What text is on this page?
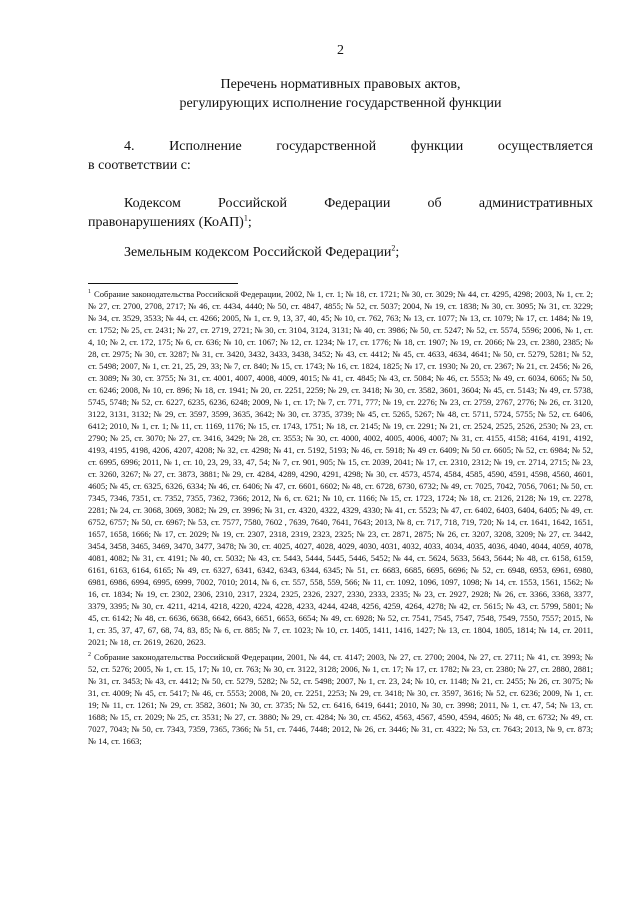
2
Перечень нормативных правовых актов,
регулирующих исполнение государственной функции
4. Исполнение государственной функции осуществляется
в соответствии с:
Кодексом Российской Федерации об административных
правонарушениях (КоАП)$^1$;
Земельным кодексом Российской Федерации$^2$;
$^1$ Собрание законодательства Российской Федерации, 2002, № 1, ст. 1; № 18, ст. 1721; № 30, ст. 3029; № 44, ст. 4295, 4298; 2003, № 1, ст. 2; № 27, ст. 2700, 2708, 2717; № 46, ст. 4434, 4440; № 50, ст. 4847, 4855; № 52, ст. 5037; 2004, № 19, ст. 1838; № 30, ст. 3095; № 31, ст. 3229; № 34, ст. 3529, 3533; № 44, ст. 4266; 2005, № 1, ст. 9, 13, 37, 40, 45; № 10, ст. 762, 763; № 13, ст. 1077; № 13, ст. 1079; № 17, ст. 1484; № 19, ст. 1752; № 25, ст. 2431; № 27, ст. 2719, 2721; № 30, ст. 3104, 3124, 3131; № 40, ст. 3986; № 50, ст. 5247; № 52, ст. 5574, 5596; 2006, № 1, ст. 4, 10; № 2, ст. 172, 175; № 6, ст. 636; № 10, ст. 1067; № 12, ст. 1234; № 17, ст. 1776; № 18, ст. 1907; № 19, ст. 2066; № 23, ст. 2380, 2385; № 28, ст. 2975; № 30, ст. 3287; № 31, ст. 3420, 3432, 3433, 3438, 3452; № 43, ст. 4412; № 45, ст. 4633, 4634, 4641; № 50, ст. 5279, 5281; № 52, ст. 5498; 2007, № 1, ст. 21, 25, 29, 33; № 7, ст. 840; № 15, ст. 1743; № 16, ст. 1824, 1825; № 17, ст. 1930; № 20, ст. 2367; № 21, ст. 2456; № 26, ст. 3089; № 30, ст. 3755; № 31, ст. 4001, 4007, 4008, 4009, 4015; № 41, ст. 4845; № 43, ст. 5084; № 46, ст. 5553; № 49, ст. 6034, 6065; № 50, ст. 6246; 2008, № 10, ст. 896; № 18, ст. 1941; № 20, ст. 2251, 2259; № 29, ст. 3418; № 30, ст. 3582, 3601, 3604; № 45, ст. 5143; № 49, ст. 5738, 5745, 5748; № 52, ст. 6227, 6235, 6236, 6248; 2009, № 1, ст. 17; № 7, ст. 771, 777; № 19, ст. 2276; № 23, ст. 2759, 2767, 2776; № 26, ст. 3120, 3122, 3131, 3132; № 29, ст. 3597, 3599, 3635, 3642; № 30, ст. 3735, 3739; № 45, ст. 5265, 5267; № 48, ст. 5711, 5724, 5755; № 52, ст. 6406, 6412; 2010, № 1, ст. 1; № 11, ст. 1169, 1176; № 15, ст. 1743, 1751; № 18, ст. 2145; № 19, ст. 2291; № 21, ст. 2524, 2525, 2526, 2530; № 23, ст. 2790; № 25, ст. 3070; № 27, ст. 3416, 3429; № 28, ст. 3553; № 30, ст. 4000, 4002, 4005, 4006, 4007; № 31, ст. 4155, 4158; 4164, 4191, 4192, 4193, 4195, 4198, 4206, 4207, 4208; № 32, ст. 4298; № 41, ст. 5192, 5193; № 46, ст. 5918; № 49 ст. 6409; № 50 ст. 6605; № 52, ст. 6984; № 52, ст. 6995, 6996; 2011, № 1, ст. 10, 23, 29, 33, 47, 54; № 7, ст. 901, 905; № 15, ст. 2039, 2041; № 17, ст. 2310, 2312; № 19, ст. 2714, 2715; № 23, ст. 3260, 3267; № 27, ст. 3873, 3881; № 29, ст. 4284, 4289, 4290, 4291, 4298; № 30, ст. 4573, 4574, 4584, 4585, 4590, 4591, 4598, 4560, 4601, 4605; № 45, ст. 6325, 6326, 6334; № 46, ст. 6406; № 47, ст. 6601, 6602; № 48, ст. 6728, 6730, 6732; № 49, ст. 7025, 7042, 7056, 7061; № 50, ст. 7345, 7346, 7351, ст. 7352, 7355, 7362, 7366; 2012, № 6, ст. 621; № 10, ст. 1166; № 15, ст. 1723, 1724; № 18, ст. 2126, 2128; № 19, ст. 2278, 2281; № 24, ст. 3068, 3069, 3082; № 29, ст. 3996; № 31, ст. 4320, 4322, 4329, 4330; № 41, ст. 5523; № 47, ст. 6402, 6403, 6404, 6405; № 49, ст. 6752, 6757; № 50, ст. 6967; № 53, ст. 7577, 7580, 7602 , 7639, 7640, 7641, 7643; 2013, № 8, ст. 717, 718, 719, 720; № 14, ст. 1641, 1642, 1651, 1657, 1658, 1666; № 17, ст. 2029; № 19, ст. 2307, 2318, 2319, 2323, 2325; № 23, ст. 2871, 2875; № 26, ст. 3207, 3208, 3209; № 27, ст. 3442, 3454, 3458, 3465, 3469, 3470, 3477, 3478; № 30, ст. 4025, 4027, 4028, 4029, 4030, 4031, 4032, 4033, 4034, 4035, 4036, 4040, 4044, 4059, 4078, 4081, 4082; № 31, ст. 4191; № 40, ст. 5032; № 43, ст. 5443, 5444, 5445, 5446, 5452; № 44, ст. 5624, 5633, 5643, 5644; № 48, ст. 6158, 6159, 6161, 6163, 6164, 6165; № 49, ст. 6327, 6341, 6342, 6343, 6344, 6345; № 51, ст. 6683, 6685, 6695, 6696; № 52, ст. 6948, 6953, 6961, 6980, 6981, 6986, 6994, 6995, 6999, 7002, 7010; 2014, № 6, ст. 557, 558, 559, 566; № 11, ст. 1092, 1096, 1097, 1098; № 14, ст. 1553, 1561, 1562; № 16, ст. 1834; № 19, ст. 2302, 2306, 2310, 2317, 2324, 2325, 2326, 2327, 2330, 2333, 2335; № 23, ст. 2927, 2928; № 26, ст. 3366, 3368, 3377, 3379, 3395; № 30, ст. 4211, 4214, 4218, 4220, 4224, 4228, 4233, 4244, 4248, 4256, 4259, 4264, 4278; № 42, ст. 5615; № 43, ст. 5799, 5801; № 45, ст. 6142; № 48, ст. 6636, 6638, 6642, 6643, 6651, 6653, 6654; № 49, ст. 6928; № 52, ст. 7541, 7545, 7547, 7548, 7549, 7550, 7557; 2015, № 1, ст. 35, 37, 47, 67, 68, 74, 83, 85; № 6, ст. 885; № 7, ст. 1023; № 10, ст. 1405, 1411, 1416, 1427; № 13, ст. 1804, 1805, 1814; № 14, ст. 2011, 2021; № 18, ст. 2619, 2620, 2623.
$^2$ Собрание законодательства Российской Федерации, 2001, № 44, ст. 4147; 2003, № 27, ст. 2700; 2004, № 27, ст. 2711; № 41, ст. 3993; № 52, ст. 5276; 2005, № 1, ст. 15, 17; № 10, ст. 763; № 30, ст. 3122, 3128; 2006, № 1, ст. 17; № 17, ст. 1782; № 23, ст. 2380; № 27, ст. 2880, 2881; № 31, ст. 3453; № 43, ст. 4412; № 50, ст. 5279, 5282; № 52, ст. 5498; 2007, № 1, ст. 23, 24; № 10, ст. 1148; № 21, ст. 2455; № 26, ст. 3075; № 31, ст. 4009; № 45, ст. 5417; № 46, ст. 5553; 2008, № 20, ст. 2251, 2253; № 29, ст. 3418; № 30, ст. 3597, 3616; № 52, ст. 6236; 2009, № 1, ст. 19; № 11, ст. 1261; № 29, ст. 3582, 3601; № 30, ст. 3735; № 52, ст. 6416, 6419, 6441; 2010, № 30, ст. 3998; 2011, № 1, ст. 47, 54; № 13, ст. 1688; № 15, ст. 2029; № 25, ст. 3531; № 27, ст. 3880; № 29, ст. 4284; № 30, ст. 4562, 4563, 4567, 4590, 4594, 4605; № 48, ст. 6732; № 49, ст. 7027, 7043; № 50, ст. 7343, 7359, 7365, 7366; № 51, ст. 7446, 7448; 2012, № 26, ст. 3446; № 31, ст. 4322; № 53, ст. 7643; 2013, № 9, ст. 873; № 14, ст. 1663;
